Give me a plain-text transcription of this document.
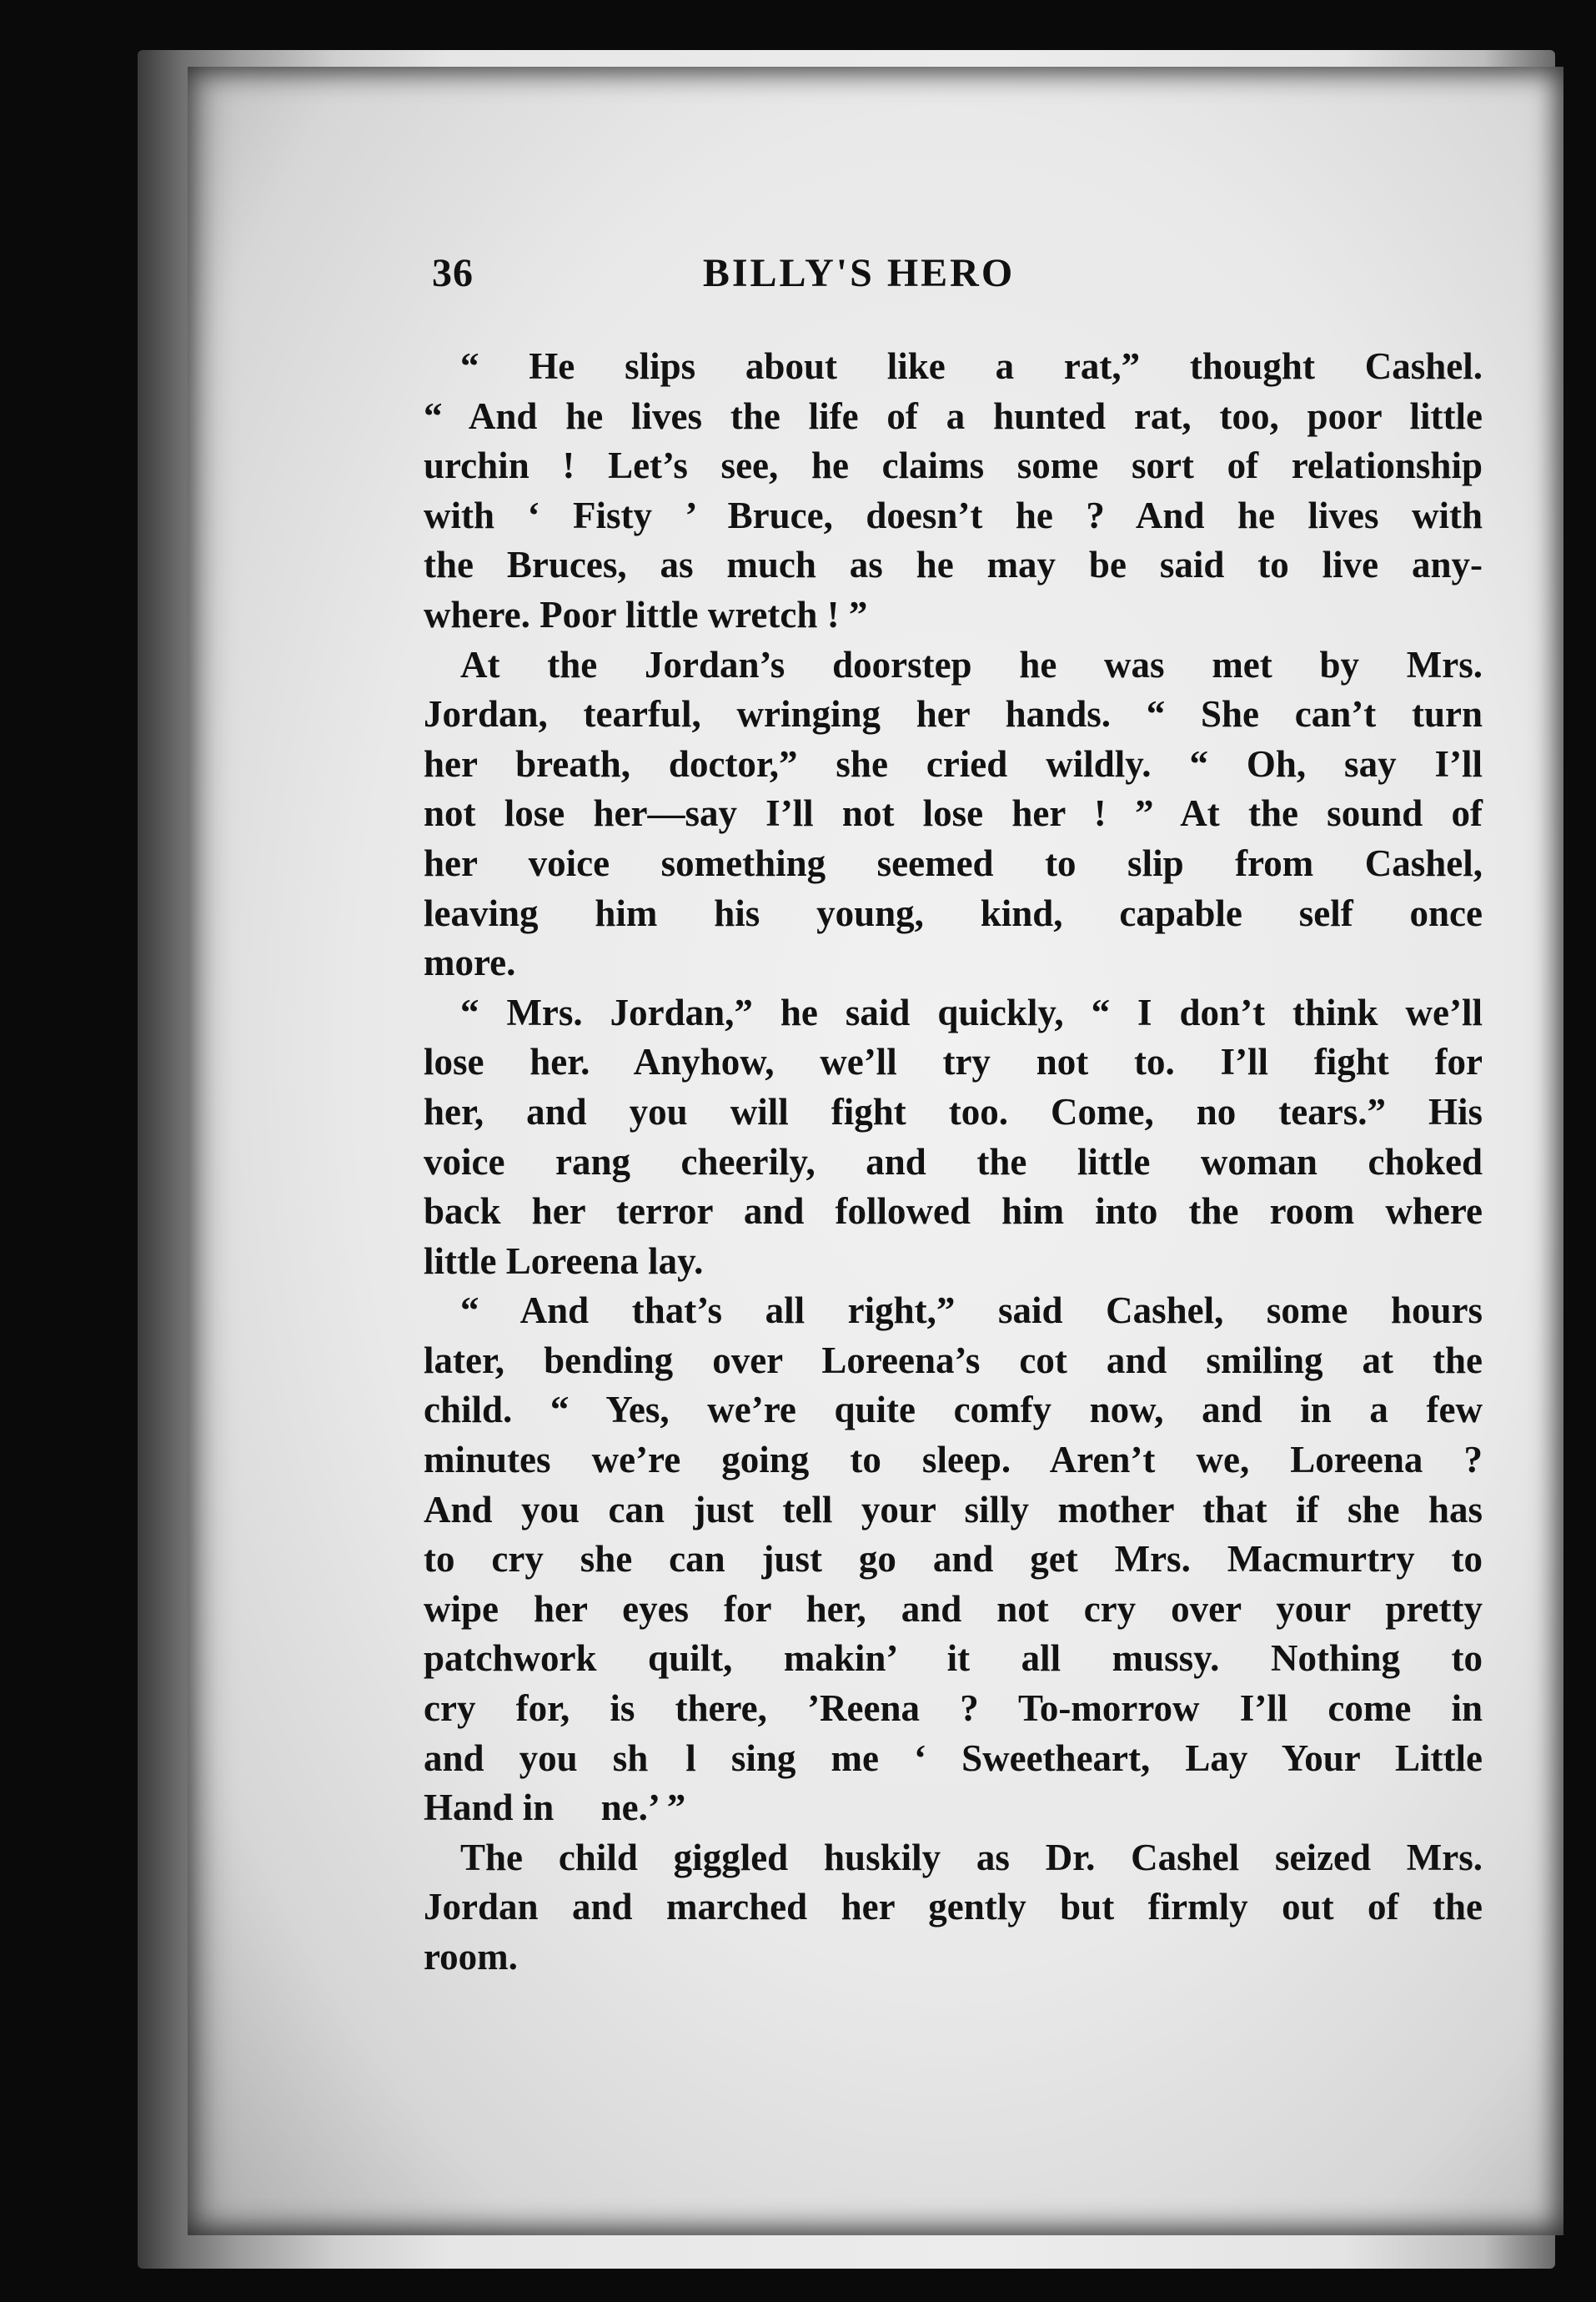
36	BILLY'S HERO
“ He slips about like a rat,” thought Cashel.
“ And he lives the life of a hunted rat, too, poor little
urchin ! Let’s see, he claims some sort of relationship
with ‘ Fisty ’ Bruce, doesn’t he ? And he lives with
the Bruces, as much as he may be said to live any-
where. Poor little wretch ! ”
At the Jordan’s doorstep he was met by Mrs.
Jordan, tearful, wringing her hands. “ She can’t turn
her breath, doctor,” she cried wildly. “ Oh, say I’ll
not lose her—say I’ll not lose her ! ” At the sound of
her voice something seemed to slip from Cashel,
leaving him his young, kind, capable self once
more.
“ Mrs. Jordan,” he said quickly, “ I don’t think we’ll
lose her. Anyhow, we’ll try not to. I’ll fight for
her, and you will fight too. Come, no tears.” His
voice rang cheerily, and the little woman choked
back her terror and followed him into the room where
little Loreena lay.
“ And that’s all right,” said Cashel, some hours
later, bending over Loreena’s cot and smiling at the
child. “ Yes, we’re quite comfy now, and in a few
minutes we’re going to sleep. Aren’t we, Loreena ?
And you can just tell your silly mother that if she has
to cry she can just go and get Mrs. Macmurtry to
wipe her eyes for her, and not cry over your pretty
patchwork quilt, makin’ it all mussy. Nothing to
cry for, is there, ’Reena ? To-morrow I’ll come in
and you sh  l sing me ‘ Sweetheart, Lay Your Little
Hand in   ne.’ ”
The child giggled huskily as Dr. Cashel seized Mrs.
Jordan and marched her gently but firmly out of the
room.
